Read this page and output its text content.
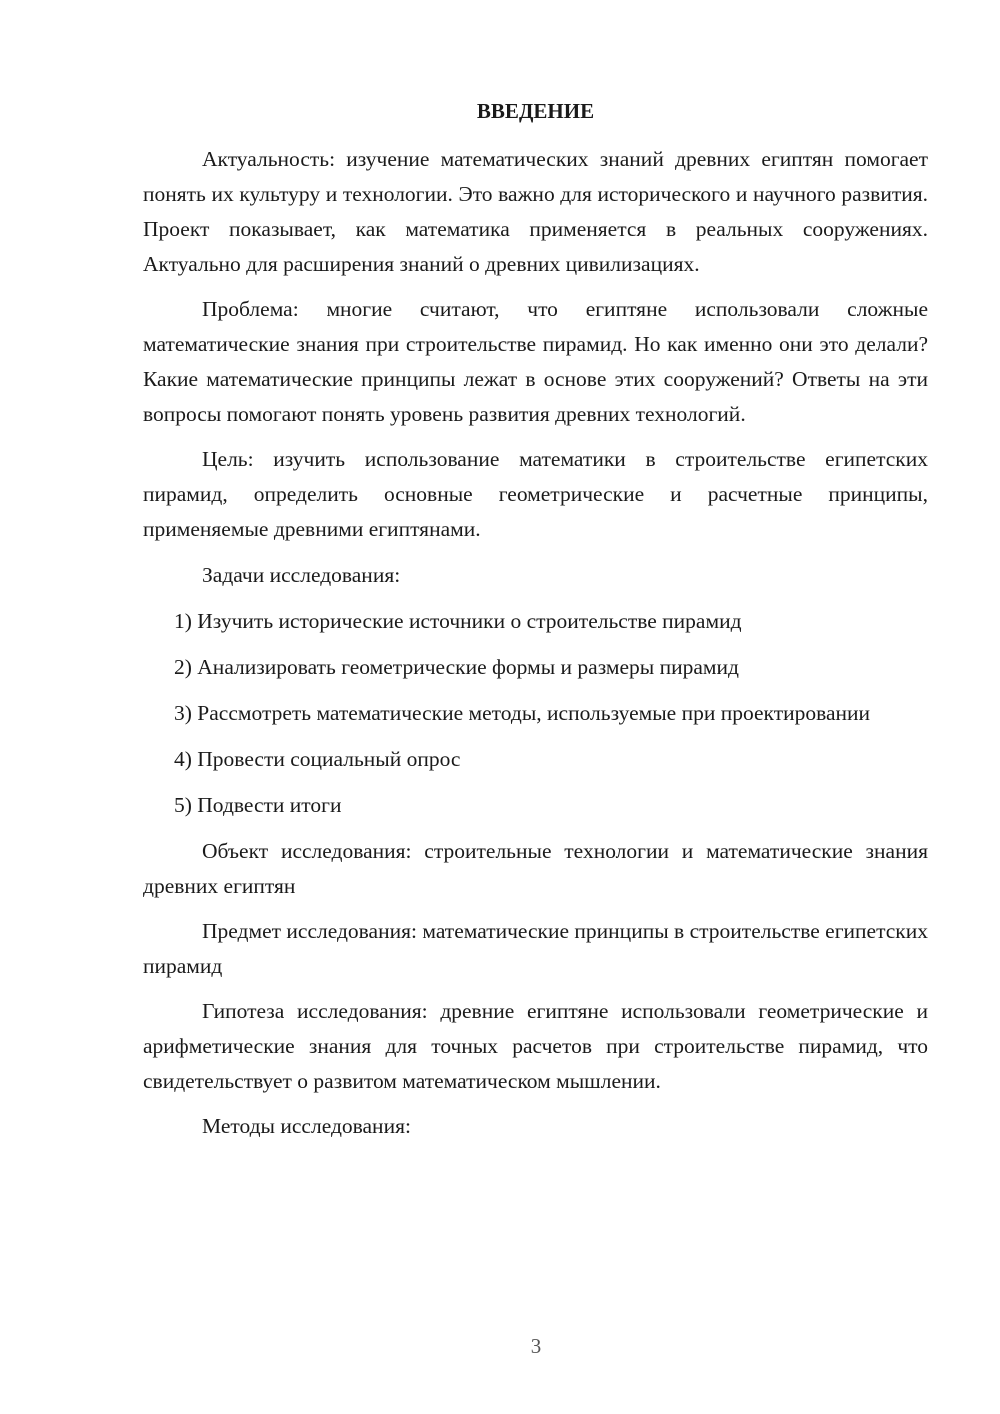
ВВЕДЕНИЕ

Актуальность: изучение математических знаний древних египтян помогает понять их культуру и технологии. Это важно для исторического и научного развития. Проект показывает, как математика применяется в реальных сооружениях. Актуально для расширения знаний о древних цивилизациях.

Проблема: многие считают, что египтяне использовали сложные математические знания при строительстве пирамид. Но как именно они это делали? Какие математические принципы лежат в основе этих сооружений? Ответы на эти вопросы помогают понять уровень развития древних технологий.

Цель: изучить использование математики в строительстве египетских пирамид, определить основные геометрические и расчетные принципы, применяемые древними египтянами.

Задачи исследования:

1) Изучить исторические источники о строительстве пирамид

2) Анализировать геометрические формы и размеры пирамид

3) Рассмотреть математические методы, используемые при проектировании

4) Провести социальный опрос

5) Подвести итоги

Объект исследования: строительные технологии и математические знания древних египтян

Предмет исследования: математические принципы в строительстве египетских пирамид

Гипотеза исследования: древние египтяне использовали геометрические и арифметические знания для точных расчетов при строительстве пирамид, что свидетельствует о развитом математическом мышлении.

Методы исследования:

3
